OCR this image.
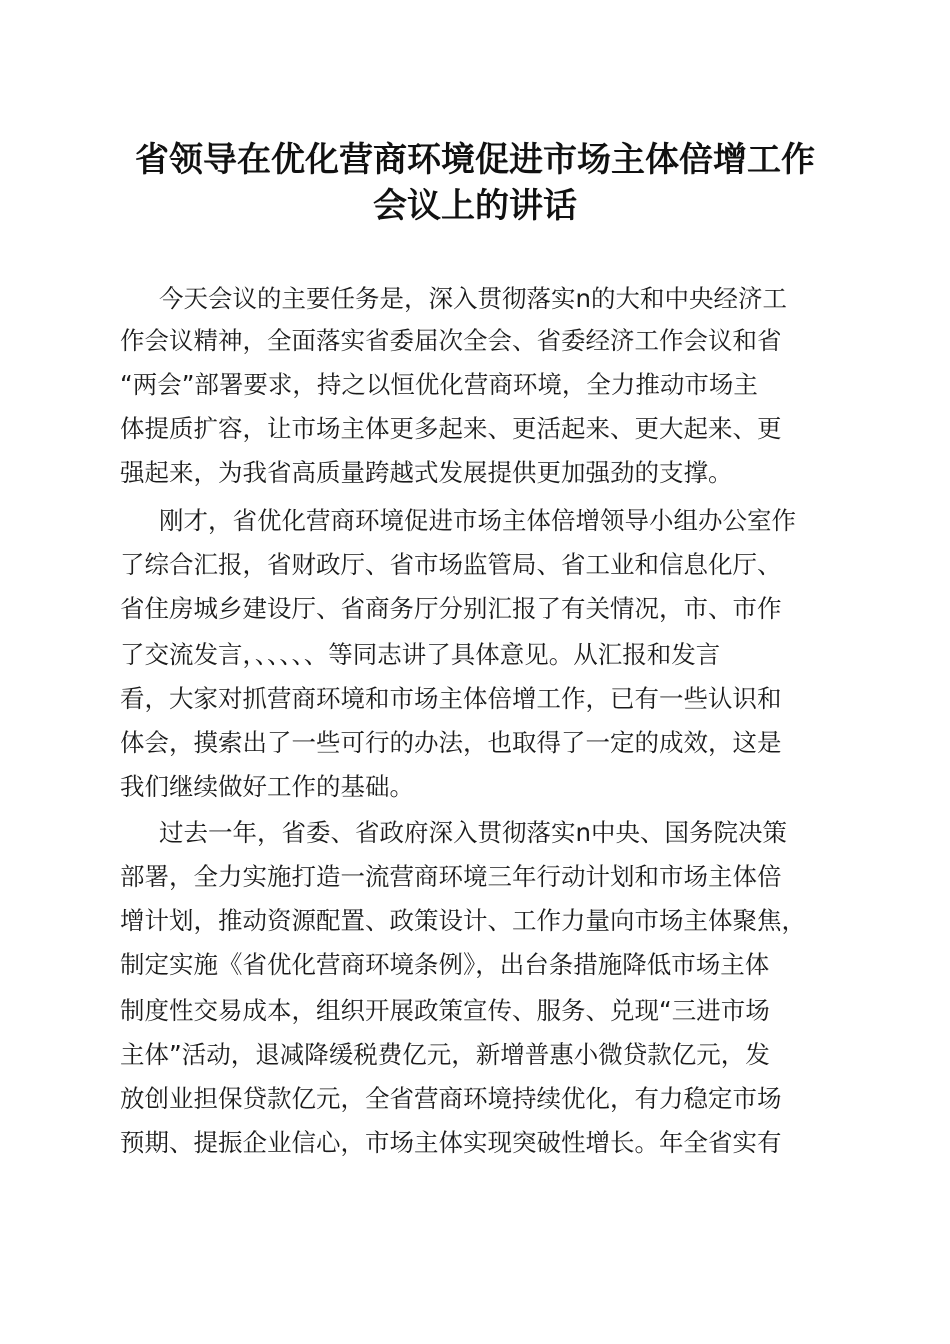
省领导在优化营商环境促进市场主体倍增工作
会议上的讲话
今天会议的主要任务是，深入贯彻落实n的大和中央经济工
作会议精神，全面落实省委届次全会、省委经济工作会议和省
“两会”部署要求，持之以恒优化营商环境，全力推动市场主
体提质扩容，让市场主体更多起来、更活起来、更大起来、更
强起来，为我省高质量跨越式发展提供更加强劲的支撑。
刚才，省优化营商环境促进市场主体倍增领导小组办公室作
了综合汇报，省财政厅、省市场监管局、省工业和信息化厅、
省住房城乡建设厅、省商务厅分别汇报了有关情况，市、市作
了交流发言，、、、、、等同志讲了具体意见。从汇报和发言
看，大家对抓营商环境和市场主体倍增工作，已有一些认识和
体会，摸索出了一些可行的办法，也取得了一定的成效，这是
我们继续做好工作的基础。
过去一年，省委、省政府深入贯彻落实n中央、国务院决策
部署，全力实施打造一流营商环境三年行动计划和市场主体倍
增计划，推动资源配置、政策设计、工作力量向市场主体聚焦，
制定实施《省优化营商环境条例》，出台条措施降低市场主体
制度性交易成本，组织开展政策宣传、服务、兑现“三进市场
主体”活动，退减降缓税费亿元，新增普惠小微贷款亿元，发
放创业担保贷款亿元，全省营商环境持续优化，有力稳定市场
预期、提振企业信心，市场主体实现突破性增长。年全省实有
